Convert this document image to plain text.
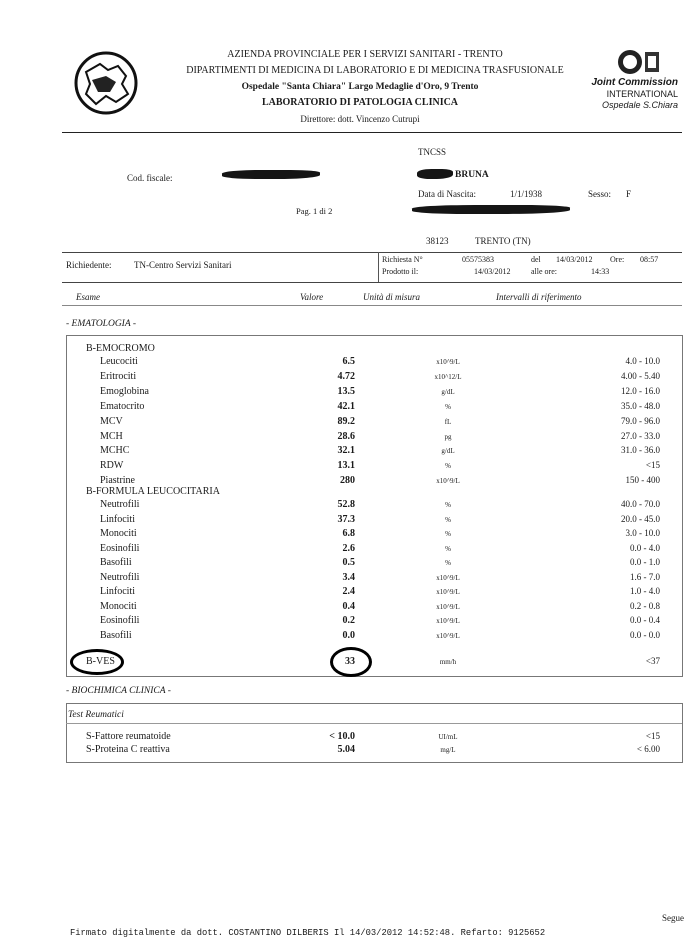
AZIENDA PROVINCIALE PER I SERVIZI SANITARI - TRENTO
DIPARTIMENTI DI MEDICINA DI LABORATORIO E DI MEDICINA TRASFUSIONALE
Ospedale "Santa Chiara" Largo Medaglie d'Oro, 9 Trento
LABORATORIO DI PATOLOGIA CLINICA
Direttore: dott. Vincenzo Cutrupi
Joint Commission
INTERNATIONAL
Ospedale S.Chiara
TNCSS
Cod. fiscale:	BRUNA
Data di Nascita:	1/1/1938	Sesso: F
Pag. 1 di 2
38123	TRENTO (TN)
Richiedente:	TN-Centro Servizi Sanitari
Richiesta N°	05575383	del 14/03/2012 Ore: 08:57
Prodotto il:	14/03/2012	alle ore:	14:33
Esame	Valore	Unità di misura	Intervalli di riferimento
- EMATOLOGIA -
B-EMOCROMO
Leucociti	6.5	x10^9/L	4.0 - 10.0
Eritrociti	4.72	x10^12/L	4.00 - 5.40
Emoglobina	13.5	g/dL	12.0 - 16.0
Ematocrito	42.1	%	35.0 - 48.0
MCV	89.2	fL	79.0 - 96.0
MCH	28.6	pg	27.0 - 33.0
MCHC	32.1	g/dL	31.0 - 36.0
RDW	13.1	%	<15
Piastrine	280	x10^9/L	150 - 400
B-FORMULA LEUCOCITARIA
Neutrofili	52.8	%	40.0 - 70.0
Linfociti	37.3	%	20.0 - 45.0
Monociti	6.8	%	3.0 - 10.0
Eosinofili	2.6	%	0.0 - 4.0
Basofili	0.5	%	0.0 - 1.0
Neutrofili	3.4	x10^9/L	1.6 - 7.0
Linfociti	2.4	x10^9/L	1.0 - 4.0
Monociti	0.4	x10^9/L	0.2 - 0.8
Eosinofili	0.2	x10^9/L	0.0 - 0.4
Basofili	0.0	x10^9/L	0.0 - 0.0
B-VES	33	mm/h	<37
- BIOCHIMICA CLINICA -
Test Reumatici
S-Fattore reumatoide	< 10.0	UI/mL	<15
S-Proteina C reattiva	5.04	mg/L	< 6.00
Firmato digitalmente da dott. COSTANTINO DILBERIS Il 14/03/2012 14:52:48. Refarto: 9125652
Segue
